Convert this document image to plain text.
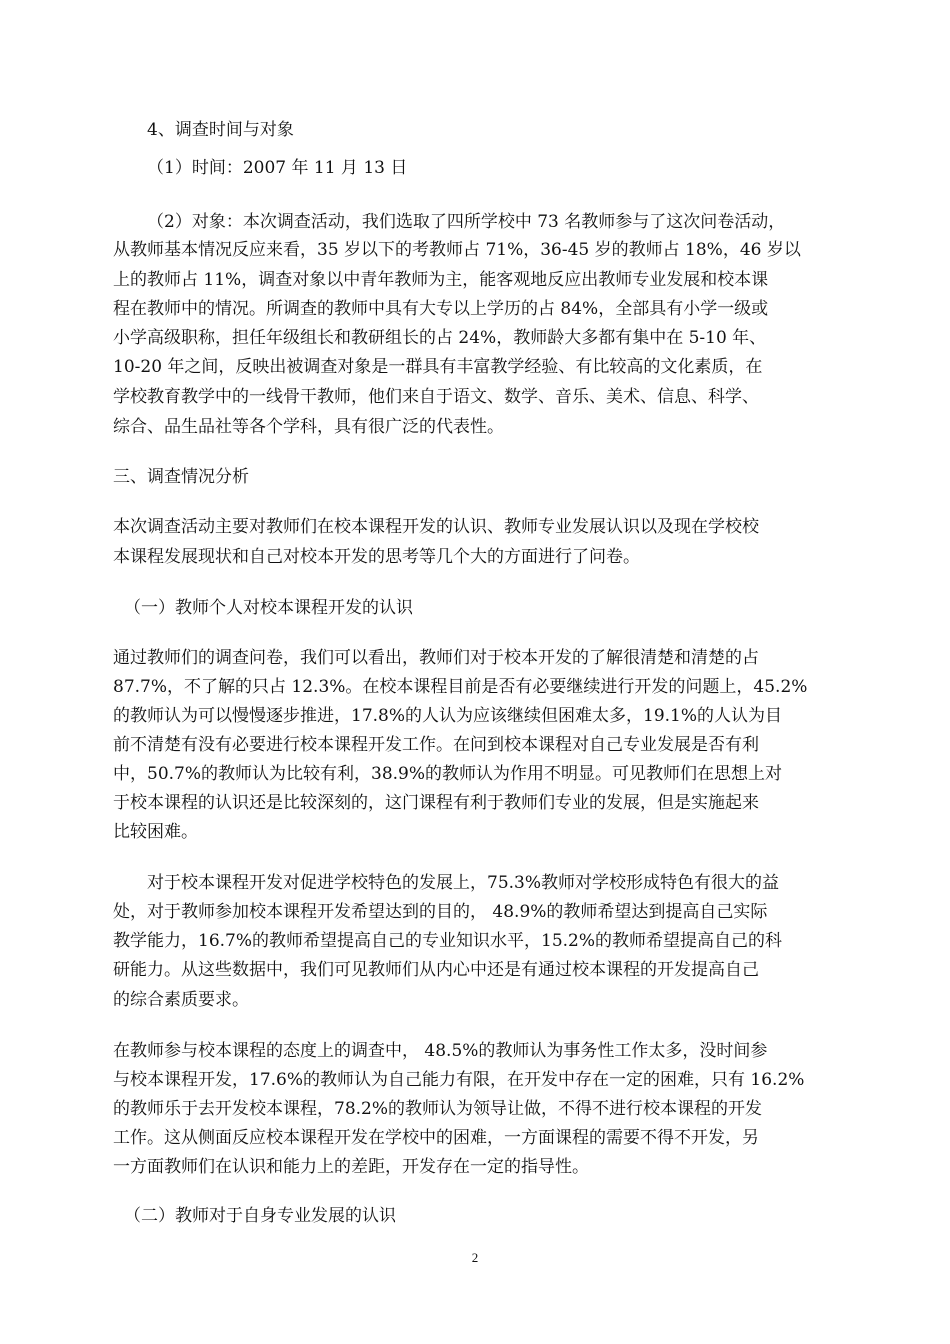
4、调查时间与对象

（1）时间：2007 年 11 月 13 日

（2）对象：本次调查活动，我们选取了四所学校中 73 名教师参与了这次问卷活动，

从教师基本情况反应来看，35 岁以下的考教师占 71%，36-45 岁的教师占 18%，46 岁以

上的教师占 11%，调查对象以中青年教师为主，能客观地反应出教师专业发展和校本课

程在教师中的情况。所调查的教师中具有大专以上学历的占 84%，全部具有小学一级或

小学高级职称，担任年级组长和教研组长的占 24%，教师龄大多都有集中在 5-10 年、

10-20 年之间，反映出被调查对象是一群具有丰富教学经验、有比较高的文化素质，在

学校教育教学中的一线骨干教师，他们来自于语文、数学、音乐、美术、信息、科学、

综合、品生品社等各个学科，具有很广泛的代表性。

三、调查情况分析

本次调查活动主要对教师们在校本课程开发的认识、教师专业发展认识以及现在学校校

本课程发展现状和自己对校本开发的思考等几个大的方面进行了问卷。

（一）教师个人对校本课程开发的认识

通过教师们的调查问卷，我们可以看出，教师们对于校本开发的了解很清楚和清楚的占

87.7%，不了解的只占 12.3%。在校本课程目前是否有必要继续进行开发的问题上，45.2%

的教师认为可以慢慢逐步推进，17.8%的人认为应该继续但困难太多，19.1%的人认为目

前不清楚有没有必要进行校本课程开发工作。在问到校本课程对自己专业发展是否有利

中，50.7%的教师认为比较有利，38.9%的教师认为作用不明显。可见教师们在思想上对

于校本课程的认识还是比较深刻的，这门课程有利于教师们专业的发展，但是实施起来

比较困难。

对于校本课程开发对促进学校特色的发展上，75.3%教师对学校形成特色有很大的益

处，对于教师参加校本课程开发希望达到的目的， 48.9%的教师希望达到提高自己实际

教学能力，16.7%的教师希望提高自己的专业知识水平，15.2%的教师希望提高自己的科

研能力。从这些数据中，我们可见教师们从内心中还是有通过校本课程的开发提高自己

的综合素质要求。

在教师参与校本课程的态度上的调查中， 48.5%的教师认为事务性工作太多，没时间参

与校本课程开发，17.6%的教师认为自己能力有限，在开发中存在一定的困难，只有 16.2%

的教师乐于去开发校本课程，78.2%的教师认为领导让做，不得不进行校本课程的开发

工作。这从侧面反应校本课程开发在学校中的困难，一方面课程的需要不得不开发，另

一方面教师们在认识和能力上的差距，开发存在一定的指导性。

（二）教师对于自身专业发展的认识

2
